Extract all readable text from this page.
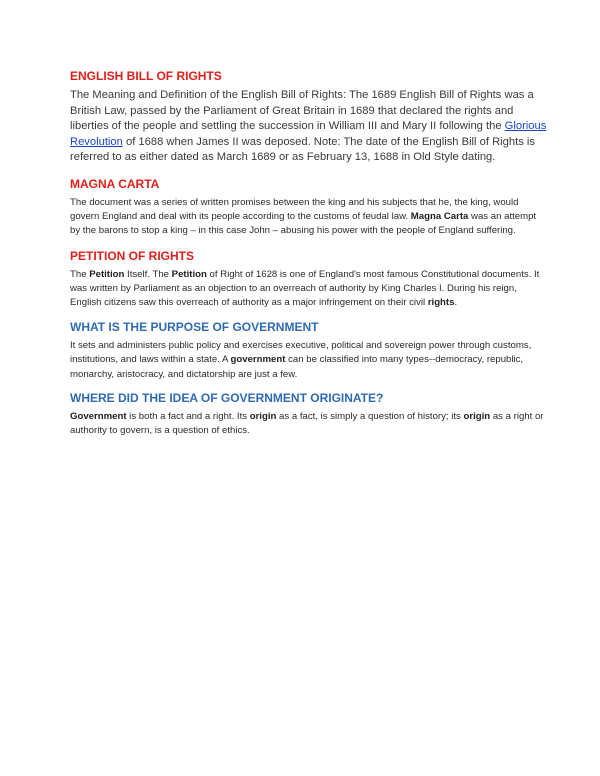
ENGLISH BILL OF RIGHTS

The Meaning and Definition of the English Bill of Rights: The 1689 English Bill of Rights was a British Law, passed by the Parliament of Great Britain in 1689 that declared the rights and liberties of the people and settling the succession in William III and Mary II following the Glorious Revolution of 1688 when James II was deposed. Note: The date of the English Bill of Rights is referred to as either dated as March 1689 or as February 13, 1688 in Old Style dating.

MAGNA CARTA

The document was a series of written promises between the king and his subjects that he, the king, would govern England and deal with its people according to the customs of feudal law. Magna Carta was an attempt by the barons to stop a king – in this case John – abusing his power with the people of England suffering.

PETITION OF RIGHTS

The Petition Itself. The Petition of Right of 1628 is one of England's most famous Constitutional documents. It was written by Parliament as an objection to an overreach of authority by King Charles I. During his reign, English citizens saw this overreach of authority as a major infringement on their civil rights.

WHAT IS THE PURPOSE OF GOVERNMENT

It sets and administers public policy and exercises executive, political and sovereign power through customs, institutions, and laws within a state. A government can be classified into many types--democracy, republic, monarchy, aristocracy, and dictatorship are just a few.

WHERE DID THE IDEA OF GOVERNMENT ORIGINATE?

Government is both a fact and a right. Its origin as a fact, is simply a question of history; its origin as a right or authority to govern, is a question of ethics.
